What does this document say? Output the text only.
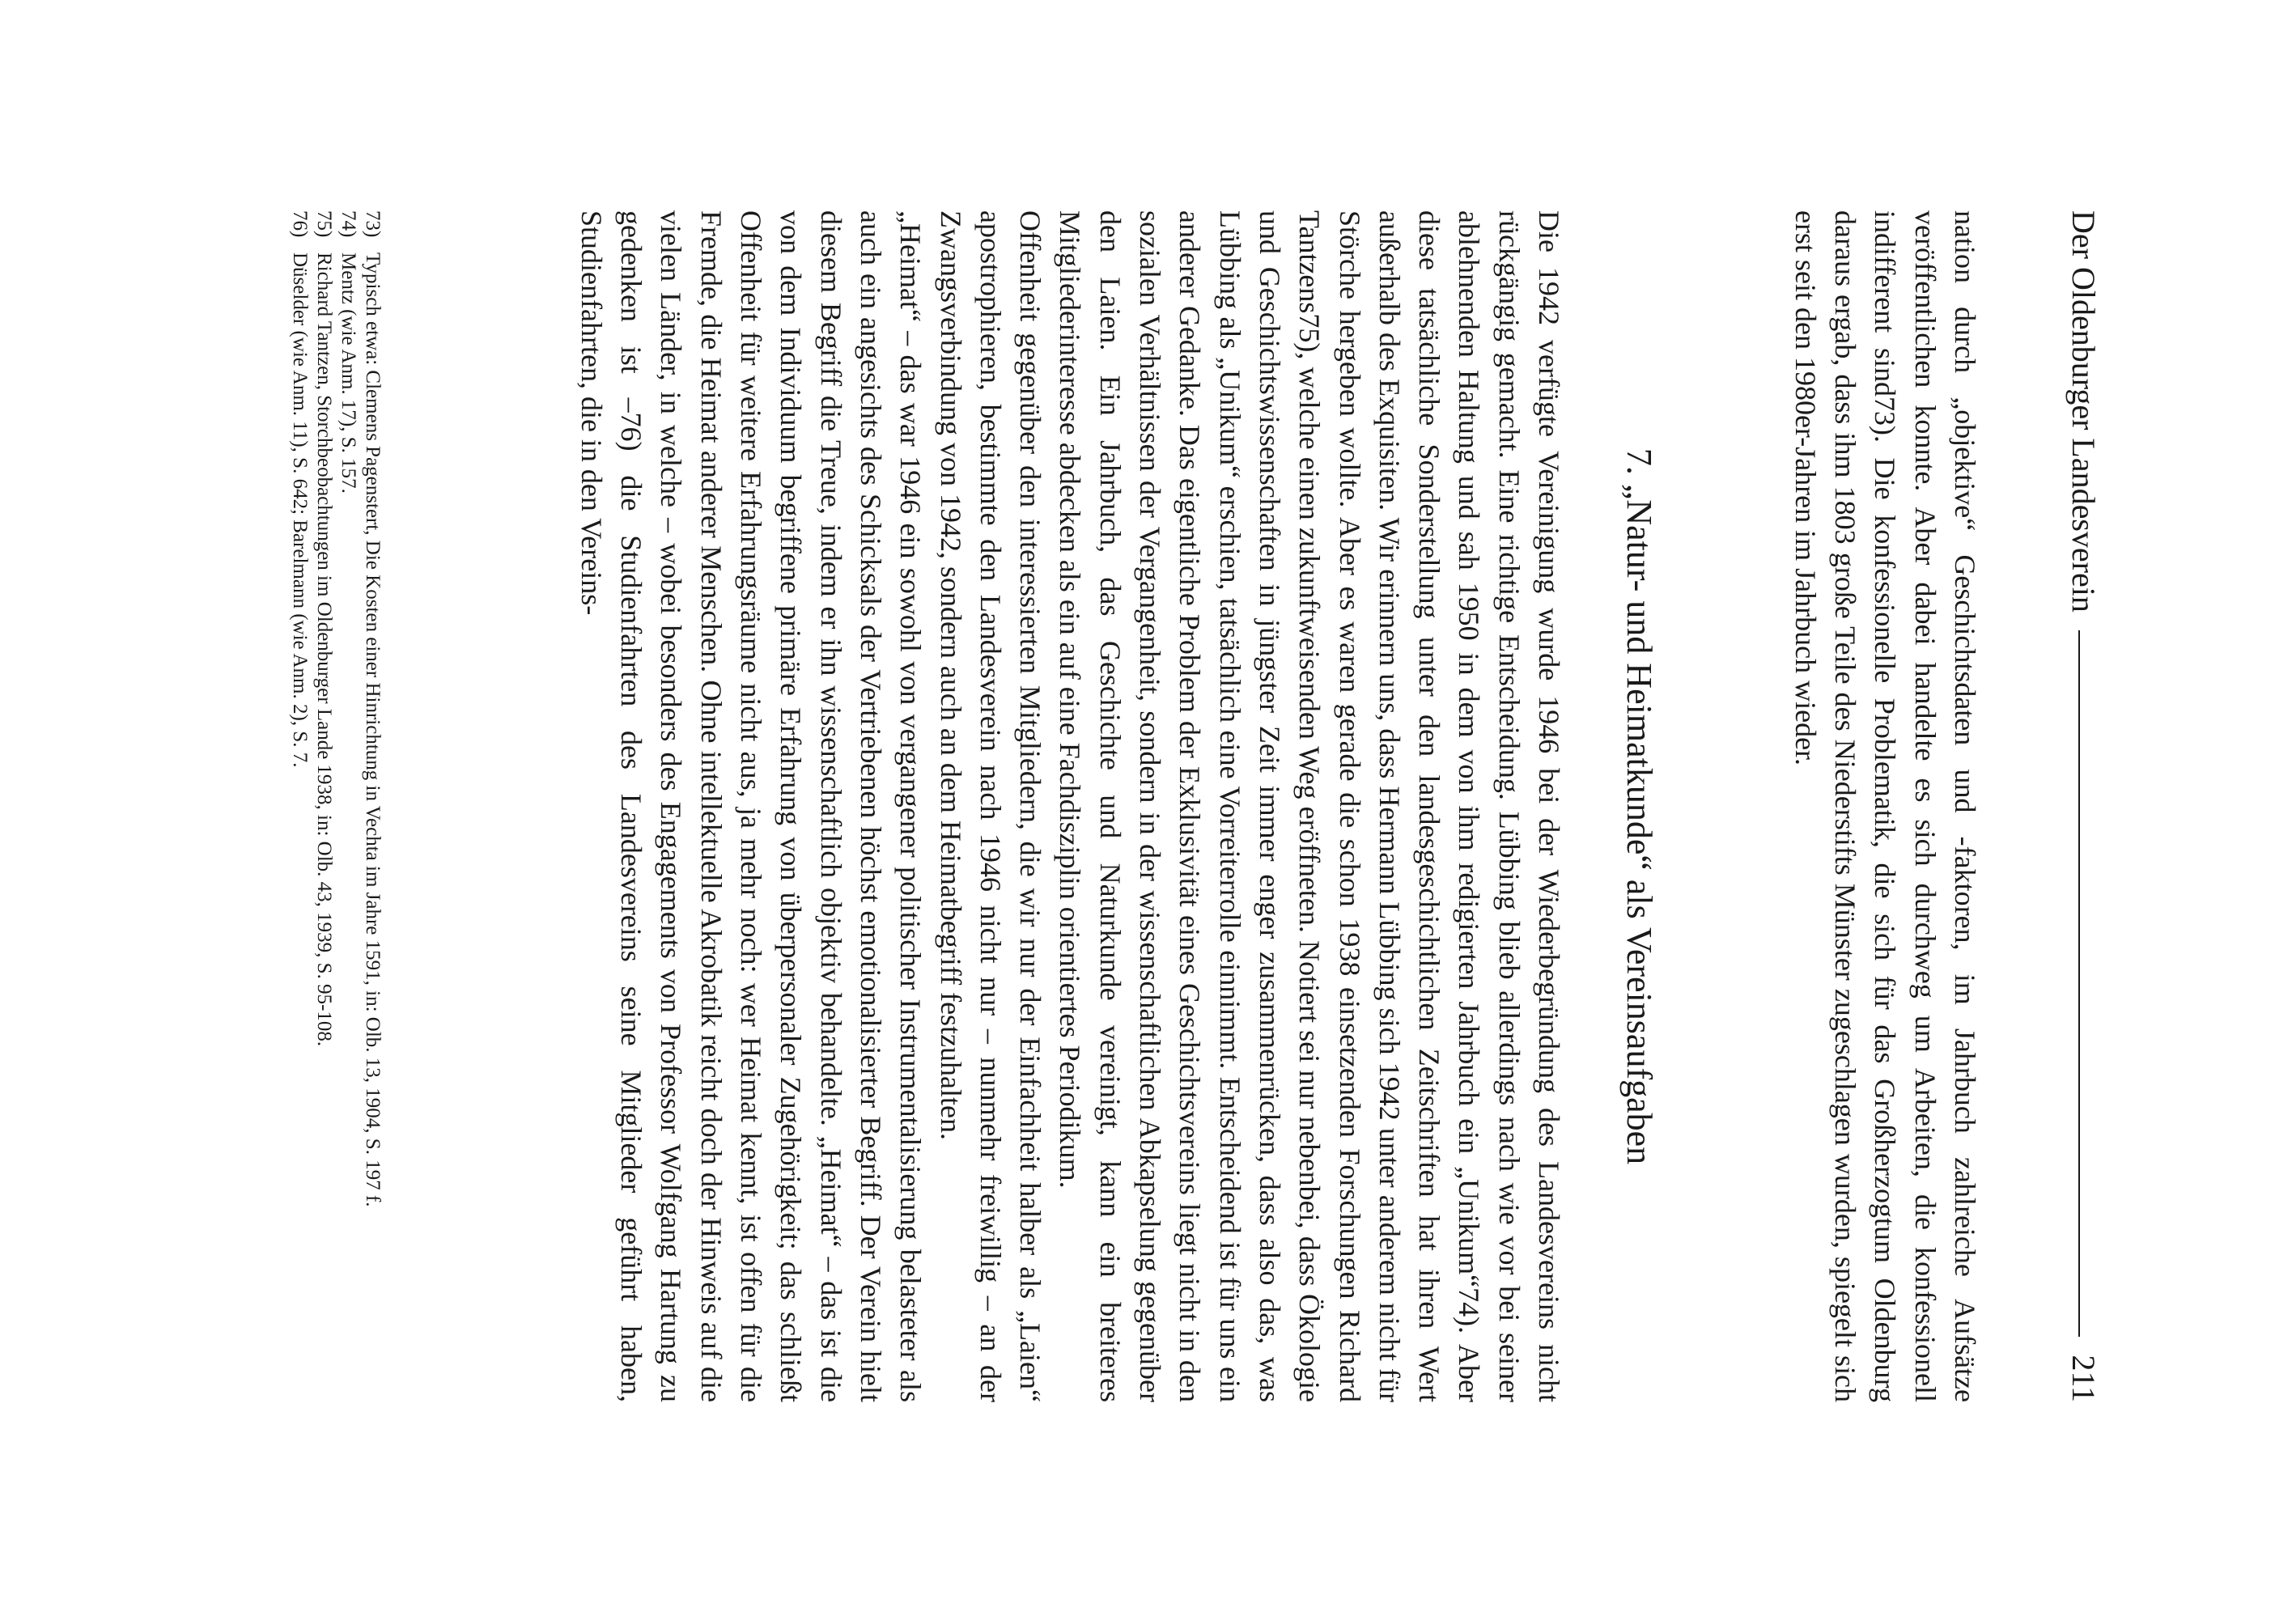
Der Oldenburger Landesverein
211

nation durch „objektive“ Geschichtsdaten und -faktoren, im Jahrbuch zahlreiche Aufsätze veröffentlichen konnte. Aber dabei handelte es sich durchweg um Arbeiten, die konfessionell indifferent sind73). Die konfessionelle Problematik, die sich für das Großherzogtum Oldenburg daraus ergab, dass ihm 1803 große Teile des Niederstifts Münster zugeschlagen wurden, spiegelt sich erst seit den 1980er-Jahren im Jahrbuch wieder.

7. „Natur- und Heimatkunde“ als Vereinsaufgaben

Die 1942 verfügte Vereinigung wurde 1946 bei der Wiederbegründung des Landesvereins nicht rückgängig gemacht. Eine richtige Entscheidung. Lübbing blieb allerdings nach wie vor bei seiner ablehnenden Haltung und sah 1950 in dem von ihm redigierten Jahrbuch ein „Unikum“74). Aber diese tatsächliche Sonderstellung unter den landesgeschichtlichen Zeitschriften hat ihren Wert außerhalb des Exquisiten. Wir erinnern uns, dass Hermann Lübbing sich 1942 unter anderem nicht für Störche hergeben wollte. Aber es waren gerade die schon 1938 einsetzenden Forschungen Richard Tantzens75), welche einen zukunftweisenden Weg eröffneten. Notiert sei nur nebenbei, dass Ökologie und Geschichtswissenschaften in jüngster Zeit immer enger zusammenrücken, dass also das, was Lübbing als „Unikum“ erschien, tatsächlich eine Vorreiterrolle einnimmt. Entscheidend ist für uns ein anderer Gedanke. Das eigentliche Problem der Exklusivität eines Geschichtsvereins liegt nicht in den sozialen Verhältnissen der Vergangenheit, sondern in der wissenschaftlichen Abkapselung gegenüber den Laien. Ein Jahrbuch, das Geschichte und Naturkunde vereinigt, kann ein breiteres Mitgliederinteresse abdecken als ein auf eine Fachdisziplin orientiertes Periodikum.

Offenheit gegenüber den interessierten Mitgliedern, die wir nur der Einfachheit halber als „Laien“ apostrophieren, bestimmte den Landesverein nach 1946 nicht nur – nunmehr freiwillig – an der Zwangsverbindung von 1942, sondern auch an dem Heimatbegriff festzuhalten.

„Heimat“ – das war 1946 ein sowohl von vergangener politischer Instrumentalisierung belasteter als auch ein angesichts des Schicksals der Vertriebenen höchst emotionalisierter Begriff. Der Verein hielt diesem Begriff die Treue, indem er ihn wissenschaftlich objektiv behandelte. „Heimat“ – das ist die von dem Individuum begriffene primäre Erfahrung von überpersonaler Zugehörigkeit; das schließt Offenheit für weitere Erfahrungsräume nicht aus, ja mehr noch: wer Heimat kennt, ist offen für die Fremde, die Heimat anderer Menschen. Ohne intellektuelle Akrobatik reicht doch der Hinweis auf die vielen Länder, in welche – wobei besonders des Engagements von Professor Wolfgang Hartung zu gedenken ist –76) die Studienfahrten des Landesvereins seine Mitglieder geführt haben, Studienfahrten, die in den Vereins-

73)
Typisch etwa: Clemens Pagenstert, Die Kosten einer Hinrichtung in Vechta im Jahre 1591, in: Olb. 13, 1904, S. 197 f.
74)
Mentz (wie Anm. 17), S. 157.
75)
Richard Tantzen, Storchbeobachtungen im Oldenburger Lande 1938, in: Olb. 43, 1939, S. 95-108.
76)
Düselder (wie Anm. 11), S. 642; Barelmann (wie Anm. 2), S. 7.
